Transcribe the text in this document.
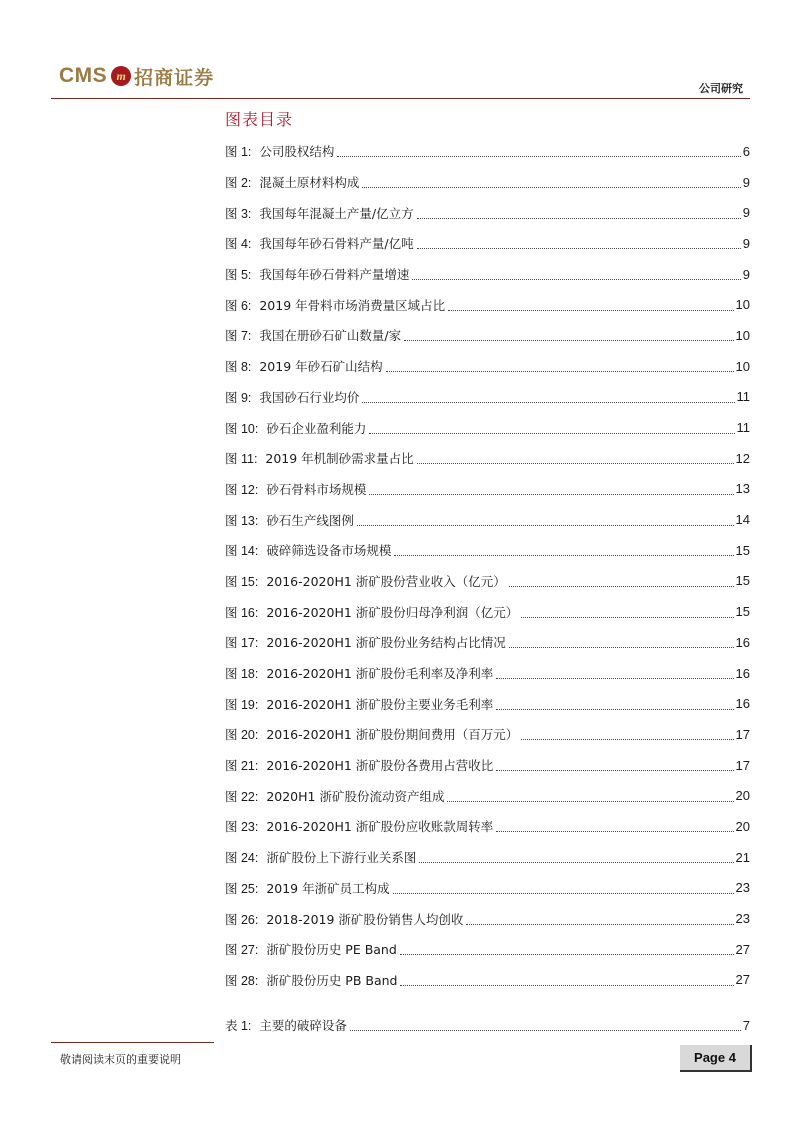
CMS m 招商证券	公司研究
图表目录
图 1: 公司股权结构	6
图 2: 混凝土原材料构成	9
图 3: 我国每年混凝土产量/亿立方	9
图 4: 我国每年砂石骨料产量/亿吨	9
图 5: 我国每年砂石骨料产量增速	9
图 6: 2019 年骨料市场消费量区域占比	10
图 7: 我国在册砂石矿山数量/家	10
图 8: 2019 年砂石矿山结构	10
图 9: 我国砂石行业均价	11
图 10: 砂石企业盈利能力	11
图 11: 2019 年机制砂需求量占比	12
图 12: 砂石骨料市场规模	13
图 13: 砂石生产线图例	14
图 14: 破碎筛选设备市场规模	15
图 15: 2016-2020H1 浙矿股份营业收入（亿元）	15
图 16: 2016-2020H1 浙矿股份归母净利润（亿元）	15
图 17: 2016-2020H1 浙矿股份业务结构占比情况	16
图 18: 2016-2020H1 浙矿股份毛利率及净利率	16
图 19: 2016-2020H1 浙矿股份主要业务毛利率	16
图 20: 2016-2020H1 浙矿股份期间费用（百万元）	17
图 21: 2016-2020H1 浙矿股份各费用占营收比	17
图 22: 2020H1 浙矿股份流动资产组成	20
图 23: 2016-2020H1 浙矿股份应收账款周转率	20
图 24: 浙矿股份上下游行业关系图	21
图 25: 2019 年浙矿员工构成	23
图 26: 2018-2019 浙矿股份销售人均创收	23
图 27: 浙矿股份历史 PE Band	27
图 28: 浙矿股份历史 PB Band	27
表 1: 主要的破碎设备	7
敬请阅读末页的重要说明	Page 4
